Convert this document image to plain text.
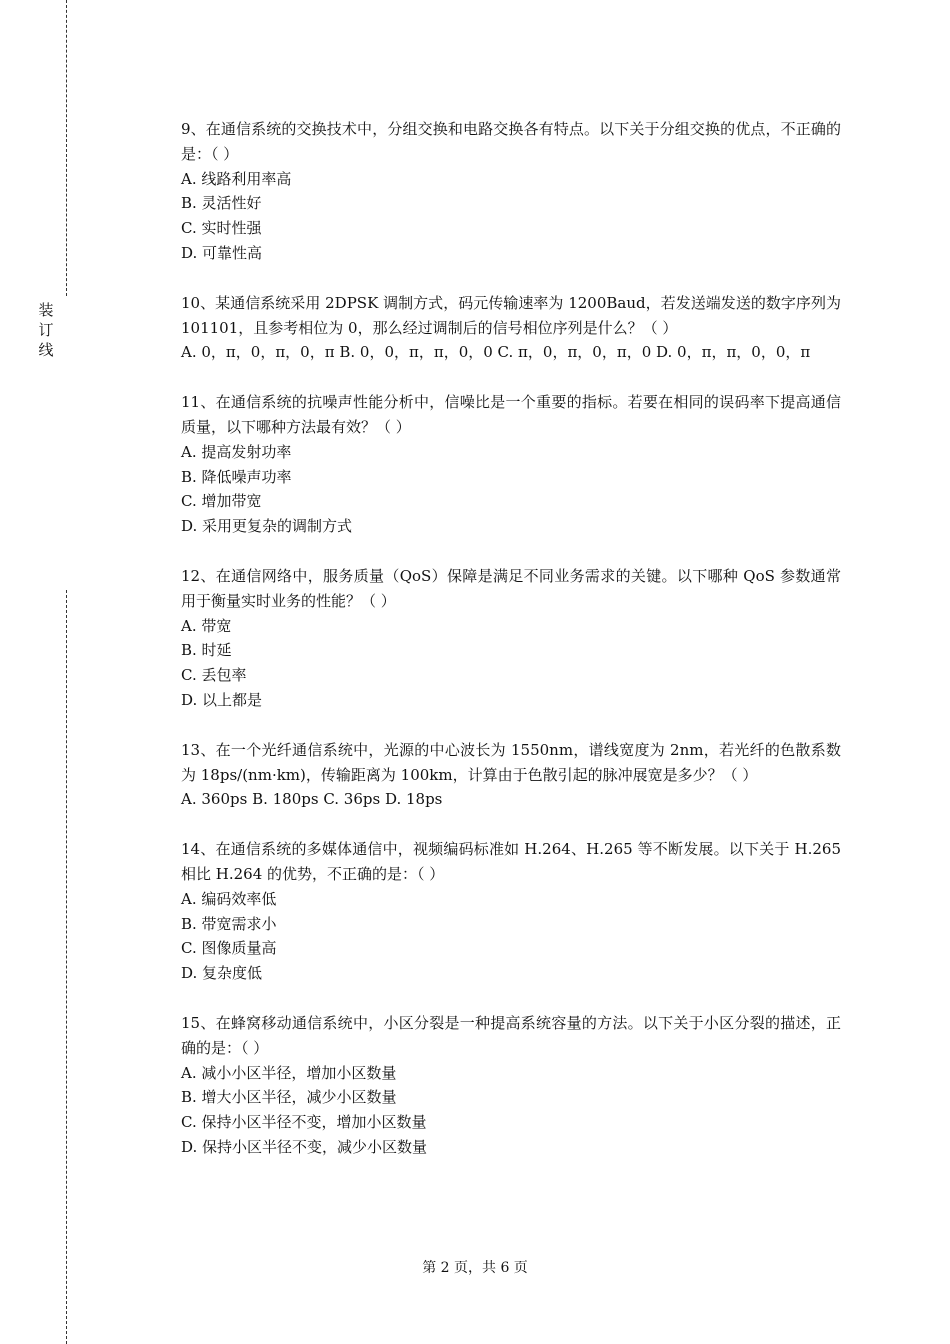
装
订
线

9、在通信系统的交换技术中，分组交换和电路交换各有特点。以下关于分组交换的优点，不正确的是：（ ）

A. 线路利用率高

B. 灵活性好

C. 实时性强

D. 可靠性高

10、某通信系统采用 2DPSK 调制方式，码元传输速率为 1200Baud，若发送端发送的数字序列为 101101，且参考相位为 0，那么经过调制后的信号相位序列是什么？（ ）

A. 0，π，0，π，0，π B. 0，0，π，π，0，0 C. π，0，π，0，π，0 D. 0，π，π，0，0，π

11、在通信系统的抗噪声性能分析中，信噪比是一个重要的指标。若要在相同的误码率下提高通信质量，以下哪种方法最有效？（ ）

A. 提高发射功率

B. 降低噪声功率

C. 增加带宽

D. 采用更复杂的调制方式

12、在通信网络中，服务质量（QoS）保障是满足不同业务需求的关键。以下哪种 QoS 参数通常用于衡量实时业务的性能？（ ）

A. 带宽

B. 时延

C. 丢包率

D. 以上都是

13、在一个光纤通信系统中，光源的中心波长为 1550nm，谱线宽度为 2nm，若光纤的色散系数为 18ps/(nm·km)，传输距离为 100km，计算由于色散引起的脉冲展宽是多少？（ ）

A. 360ps B. 180ps C. 36ps D. 18ps

14、在通信系统的多媒体通信中，视频编码标准如 H.264、H.265 等不断发展。以下关于 H.265 相比 H.264 的优势，不正确的是：（ ）

A. 编码效率低

B. 带宽需求小

C. 图像质量高

D. 复杂度低

15、在蜂窝移动通信系统中，小区分裂是一种提高系统容量的方法。以下关于小区分裂的描述，正确的是：（ ）

A. 减小小区半径，增加小区数量

B. 增大小区半径，减少小区数量

C. 保持小区半径不变，增加小区数量

D. 保持小区半径不变，减少小区数量

第 2 页，共 6 页
